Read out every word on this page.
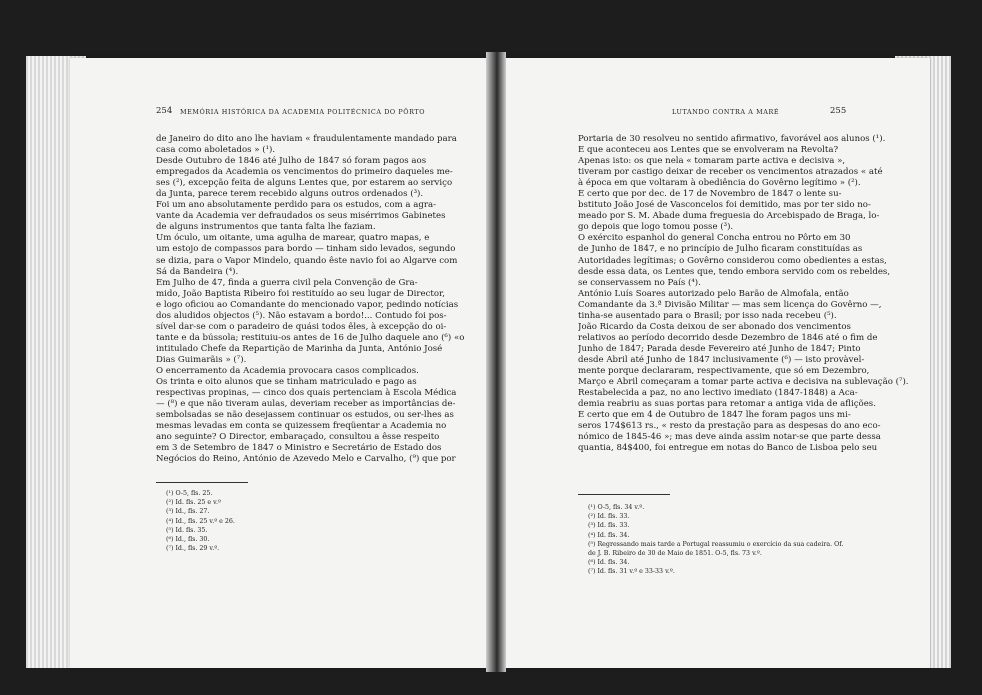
254 MEMÓRIA HISTÓRICA DA ACADEMIA POLITÉCNICA DO PÔRTO
de Janeiro do dito ano lhe haviam « fraudulentamente mandado para
casa como aboletados » (¹).
Desde Outubro de 1846 até Julho de 1847 só foram pagos aos
empregados da Academia os vencimentos do primeiro daqueles me-
ses (²), excepção feita de alguns Lentes que, por estarem ao serviço
da Junta, parece terem recebido alguns outros ordenados (³).
Foi um ano absolutamente perdido para os estudos, com a agra-
vante da Academia ver defraudados os seus misérrimos Gabinetes
de alguns instrumentos que tanta falta lhe faziam.
Um óculo, um oitante, uma agulha de marear, quatro mapas, e
um estojo de compassos para bordo — tinham sido levados, segundo
se dizia, para o Vapor Mindelo, quando êste navio foi ao Algarve com
Sá da Bandeira (⁴).
Em Julho de 47, finda a guerra civil pela Convenção de Gra-
mido, João Baptista Ribeiro foi restituído ao seu lugar de Director,
e logo oficiou ao Comandante do mencionado vapor, pedindo notícias
dos aludidos objectos (⁵). Não estavam a bordo!... Contudo foi pos-
sível dar-se com o paradeiro de quási todos êles, à excepção do oi-
tante e da bússola; restituiu-os antes de 16 de Julho daquele ano (⁶) «o
intitulado Chefe da Repartição de Marinha da Junta, António José
Dias Guimarãis » (⁷).
O encerramento da Academia provocara casos complicados.
Os trinta e oito alunos que se tinham matriculado e pago as
respectivas propinas, — cinco dos quais pertenciam à Escola Médica
— (⁸) e que não tiveram aulas, deveriam receber as importâncias de-
sembolsadas se não desejassem continuar os estudos, ou ser-lhes as
mesmas levadas em conta se quizessem freqüentar a Academia no
ano seguinte? O Director, embaraçado, consultou a êsse respeito
em 3 de Setembro de 1847 o Ministro e Secretário de Estado dos
Negócios do Reino, António de Azevedo Melo e Carvalho, (⁹) que por
(¹) O-5, fls. 25.
(²) Id. fls. 25 e v.º
(³) Id., fls. 27.
(⁴) Id., fls. 25 v.º e 26.
(⁵) Id. fls. 35.
(⁶) Id., fls. 30.
(⁷) Id., fls. 29 v.º.
LUTANDO CONTRA A MARÉ	255
Portaria de 30 resolveu no sentido afirmativo, favorável aos alunos (¹).
E que aconteceu aos Lentes que se envolveram na Revolta?
Apenas isto: os que nela « tomaram parte activa e decisiva »,
tiveram por castigo deixar de receber os vencimentos atrazados « até
à época em que voltaram à obediência do Govêrno legítimo » (²).
É certo que por dec. de 17 de Novembro de 1847 o lente su-
bstituto João José de Vasconcelos foi demitido, mas por ter sido no-
meado por S. M. Abade duma freguesia do Arcebispado de Braga, lo-
go depois que logo tomou posse (³).
O exército espanhol do general Concha entrou no Pôrto em 30
de Junho de 1847, e no princípio de Julho ficaram constituídas as
Autoridades legítimas; o Govêrno considerou como obedientes a estas,
desde essa data, os Lentes que, tendo embora servido com os rebeldes,
se conservassem no País (⁴).
António Luís Soares autorizado pelo Barão de Almofala, então
Comandante da 3.ª Divisão Militar — mas sem licença do Govêrno —,
tinha-se ausentado para o Brasil; por isso nada recebeu (⁵).
João Ricardo da Costa deixou de ser abonado dos vencimentos
relativos ao período decorrido desde Dezembro de 1846 até o fim de
Junho de 1847; Parada desde Fevereiro até Junho de 1847; Pinto
desde Abril até Junho de 1847 inclusivamente (⁶) — isto provàvel-
mente porque declararam, respectivamente, que só em Dezembro,
Março e Abril começaram a tomar parte activa e decisiva na sublevação (⁷).
Restabelecida a paz, no ano lectivo imediato (1847-1848) a Aca-
demia reabriu as suas portas para retomar a antiga vida de aflições.
É certo que em 4 de Outubro de 1847 lhe foram pagos uns mi-
seros 174$613 rs., « resto da prestação para as despesas do ano eco-
nómico de 1845-46 »; mas deve ainda assim notar-se que parte dessa
quantia, 84$400, foi entregue em notas do Banco de Lisboa pelo seu
(¹) O-5, fls. 34 v.º.
(²) Id. fls. 33.
(³) Id. fls. 33.
(⁴) Id. fls. 34.
(⁵) Regressando mais tarde a Portugal reassumiu o exercício da sua cadeira. Of.
de J. B. Ribeiro de 30 de Maio de 1851. O-5, fls. 73 v.º.
(⁶) Id. fls. 34.
(⁷) Id. fls. 31 v.º e 33-33 v.º.
